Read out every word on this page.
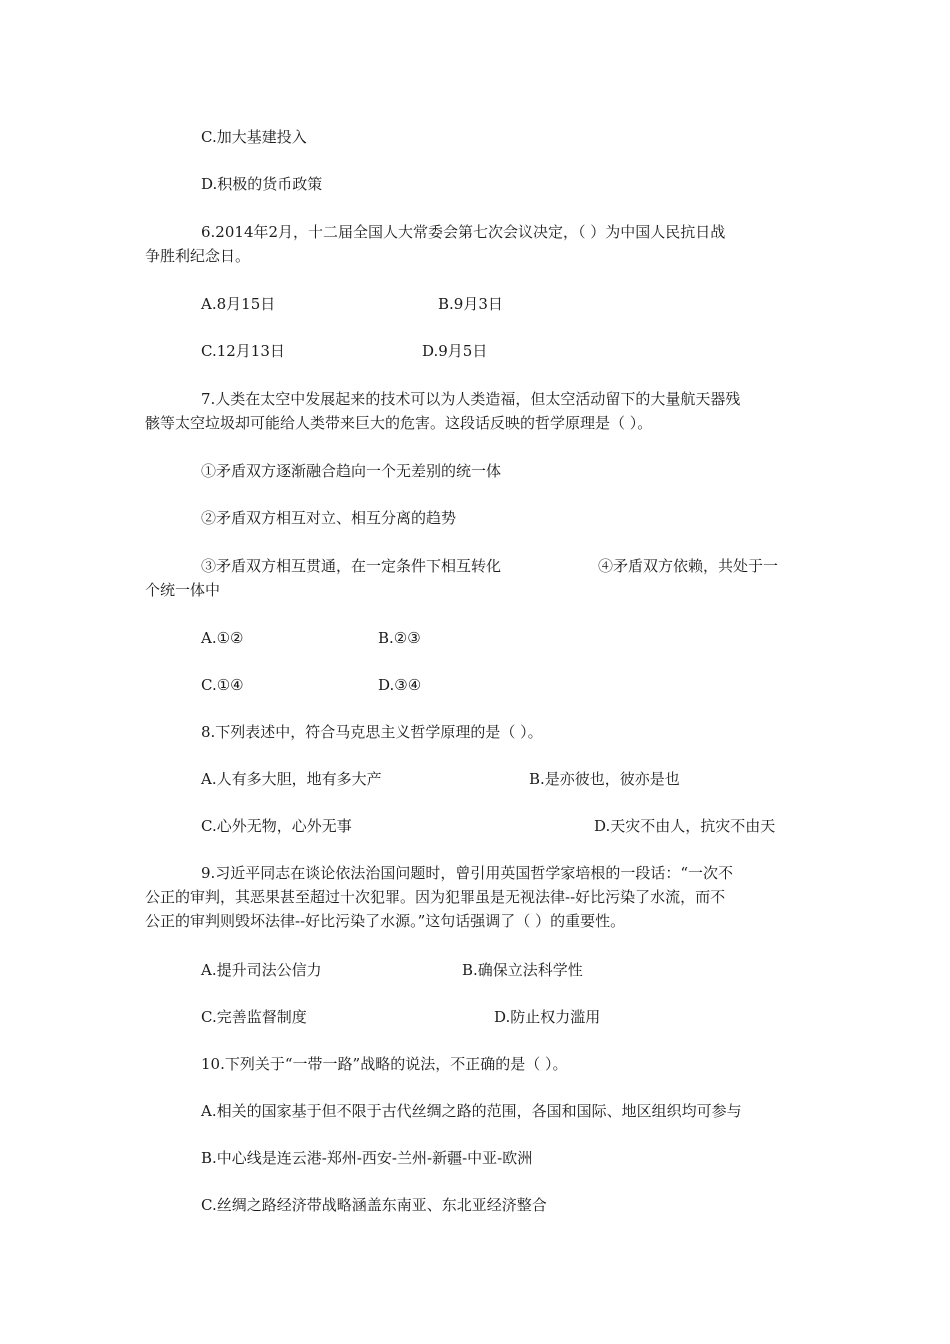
C.加大基建投入
D.积极的货币政策
6.2014年2月，十二届全国人大常委会第七次会议决定，（ ）为中国人民抗日战
争胜利纪念日。
A.8月15日	B.9月3日
C.12月13日	D.9月5日
7.人类在太空中发展起来的技术可以为人类造福，但太空活动留下的大量航天器残
骸等太空垃圾却可能给人类带来巨大的危害。这段话反映的哲学原理是（ ）。
①矛盾双方逐渐融合趋向一个无差别的统一体
②矛盾双方相互对立、相互分离的趋势
③矛盾双方相互贯通，在一定条件下相互转化	④矛盾双方依赖，共处于一
个统一体中
A.①②	B.②③
C.①④	D.③④
8.下列表述中，符合马克思主义哲学原理的是（ ）。
A.人有多大胆，地有多大产	B.是亦彼也，彼亦是也
C.心外无物，心外无事	D.天灾不由人，抗灾不由天
9.习近平同志在谈论依法治国问题时，曾引用英国哲学家培根的一段话：“一次不
公正的审判，其恶果甚至超过十次犯罪。因为犯罪虽是无视法律--好比污染了水流，而不
公正的审判则毁坏法律--好比污染了水源。”这句话强调了（ ）的重要性。
A.提升司法公信力	B.确保立法科学性
C.完善监督制度	D.防止权力滥用
10.下列关于“一带一路”战略的说法，不正确的是（ ）。
A.相关的国家基于但不限于古代丝绸之路的范围，各国和国际、地区组织均可参与
B.中心线是连云港-郑州-西安-兰州-新疆-中亚-欧洲
C.丝绸之路经济带战略涵盖东南亚、东北亚经济整合
